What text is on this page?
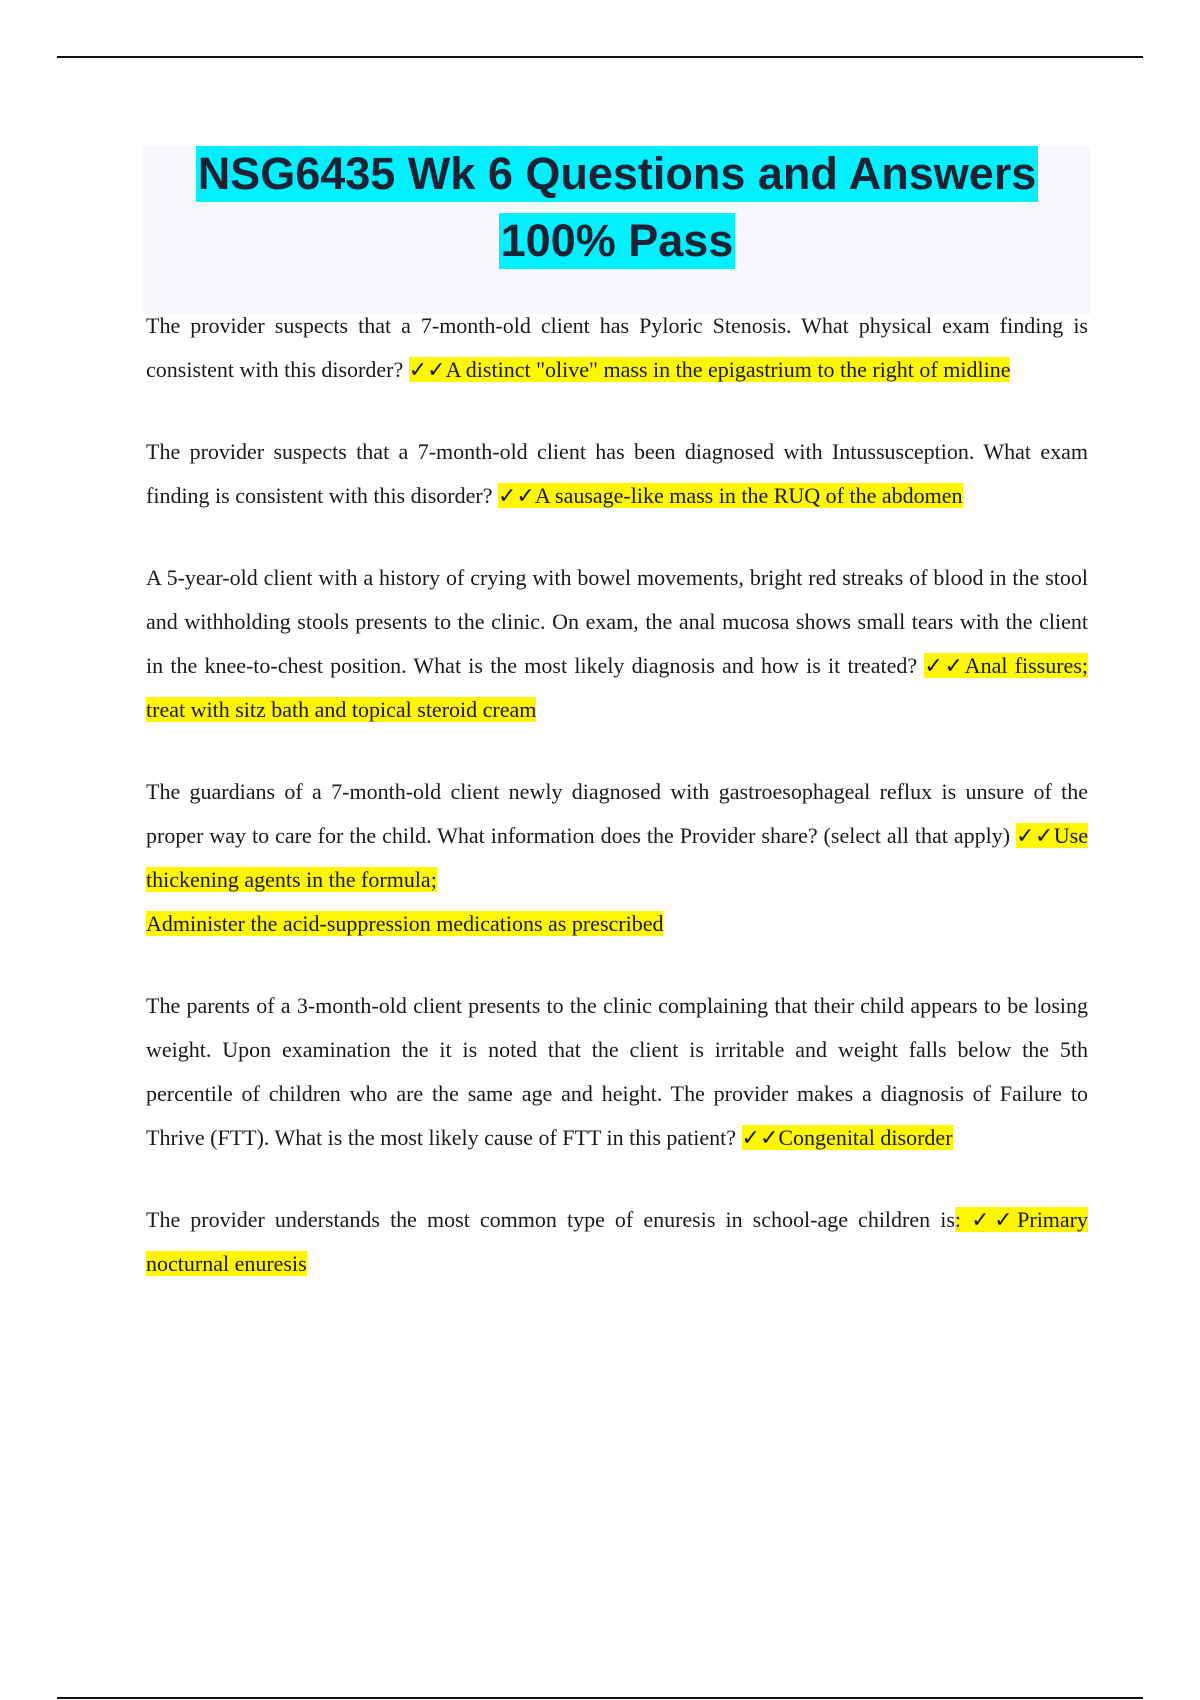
NSG6435 Wk 6 Questions and Answers
100% Pass

The provider suspects that a 7-month-old client has Pyloric Stenosis. What physical exam finding is consistent with this disorder? ✓✓A distinct "olive" mass in the epigastrium to the right of midline

The provider suspects that a 7-month-old client has been diagnosed with Intussusception. What exam finding is consistent with this disorder? ✓✓A sausage-like mass in the RUQ of the abdomen

A 5-year-old client with a history of crying with bowel movements, bright red streaks of blood in the stool and withholding stools presents to the clinic. On exam, the anal mucosa shows small tears with the client in the knee-to-chest position. What is the most likely diagnosis and how is it treated? ✓✓Anal fissures; treat with sitz bath and topical steroid cream

The guardians of a 7-month-old client newly diagnosed with gastroesophageal reflux is unsure of the proper way to care for the child. What information does the Provider share? (select all that apply) ✓✓Use thickening agents in the formula;
Administer the acid-suppression medications as prescribed

The parents of a 3-month-old client presents to the clinic complaining that their child appears to be losing weight. Upon examination the it is noted that the client is irritable and weight falls below the 5th percentile of children who are the same age and height. The provider makes a diagnosis of Failure to Thrive (FTT). What is the most likely cause of FTT in this patient? ✓✓Congenital disorder

The provider understands the most common type of enuresis in school-age children is: ✓✓Primary nocturnal enuresis
